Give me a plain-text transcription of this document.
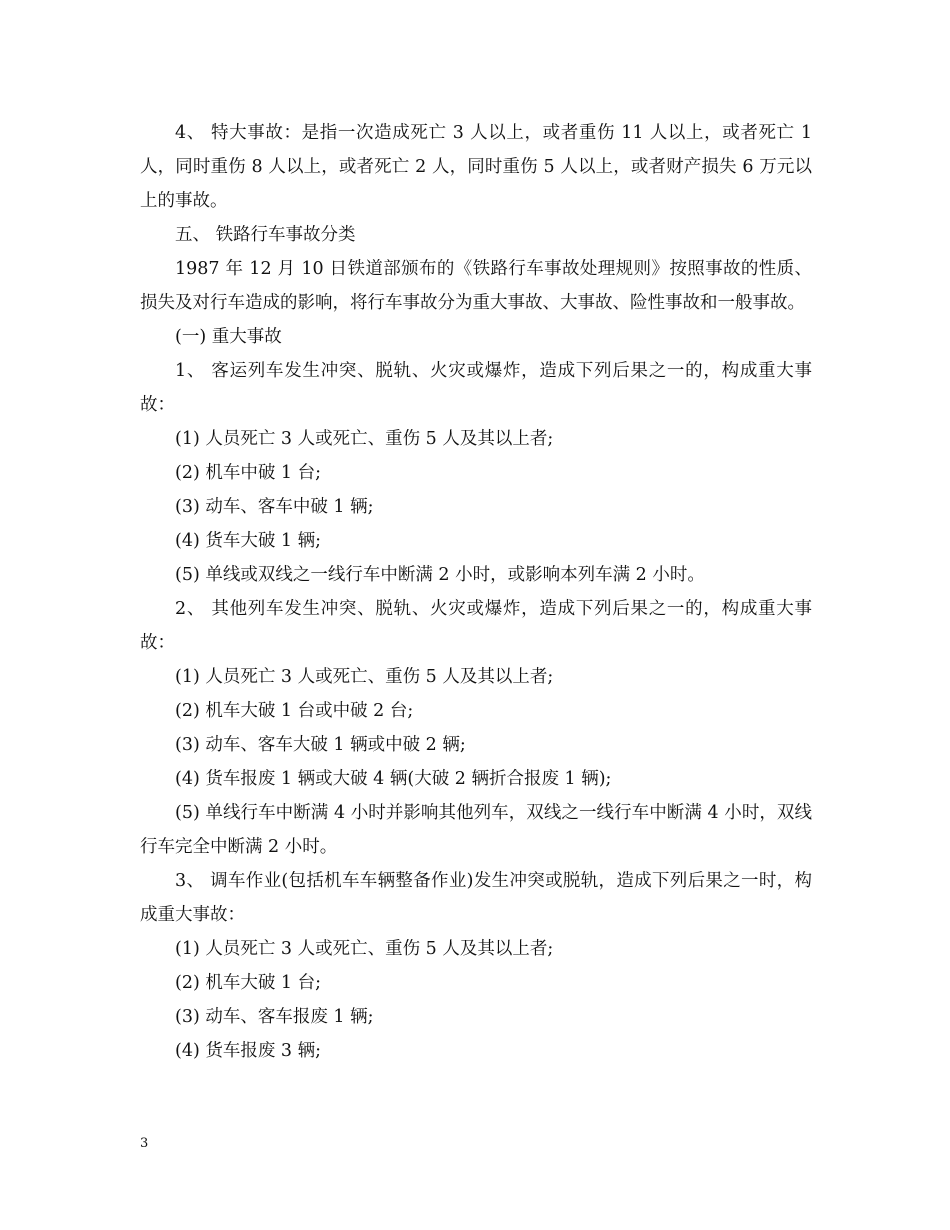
4、 特大事故：是指一次造成死亡 3 人以上，或者重伤 11 人以上，或者死亡 1 人，同时重伤 8 人以上，或者死亡 2 人，同时重伤 5 人以上，或者财产损失 6 万元以上的事故。

五、 铁路行车事故分类

1987 年 12 月 10 日铁道部颁布的《铁路行车事故处理规则》按照事故的性质、损失及对行车造成的影响，将行车事故分为重大事故、大事故、险性事故和一般事故。

(一) 重大事故

1、 客运列车发生冲突、脱轨、火灾或爆炸，造成下列后果之一的，构成重大事故：

(1) 人员死亡 3 人或死亡、重伤 5 人及其以上者;

(2) 机车中破 1 台;

(3) 动车、客车中破 1 辆;

(4) 货车大破 1 辆;

(5) 单线或双线之一线行车中断满 2 小时，或影响本列车满 2 小时。

2、 其他列车发生冲突、脱轨、火灾或爆炸，造成下列后果之一的，构成重大事故：

(1) 人员死亡 3 人或死亡、重伤 5 人及其以上者;

(2) 机车大破 1 台或中破 2 台;

(3) 动车、客车大破 1 辆或中破 2 辆;

(4) 货车报废 1 辆或大破 4 辆(大破 2 辆折合报废 1 辆);

(5) 单线行车中断满 4 小时并影响其他列车，双线之一线行车中断满 4 小时，双线行车完全中断满 2 小时。

3、 调车作业(包括机车车辆整备作业)发生冲突或脱轨，造成下列后果之一时，构成重大事故：

(1) 人员死亡 3 人或死亡、重伤 5 人及其以上者;

(2) 机车大破 1 台;

(3) 动车、客车报废 1 辆;

(4) 货车报废 3 辆;

3
